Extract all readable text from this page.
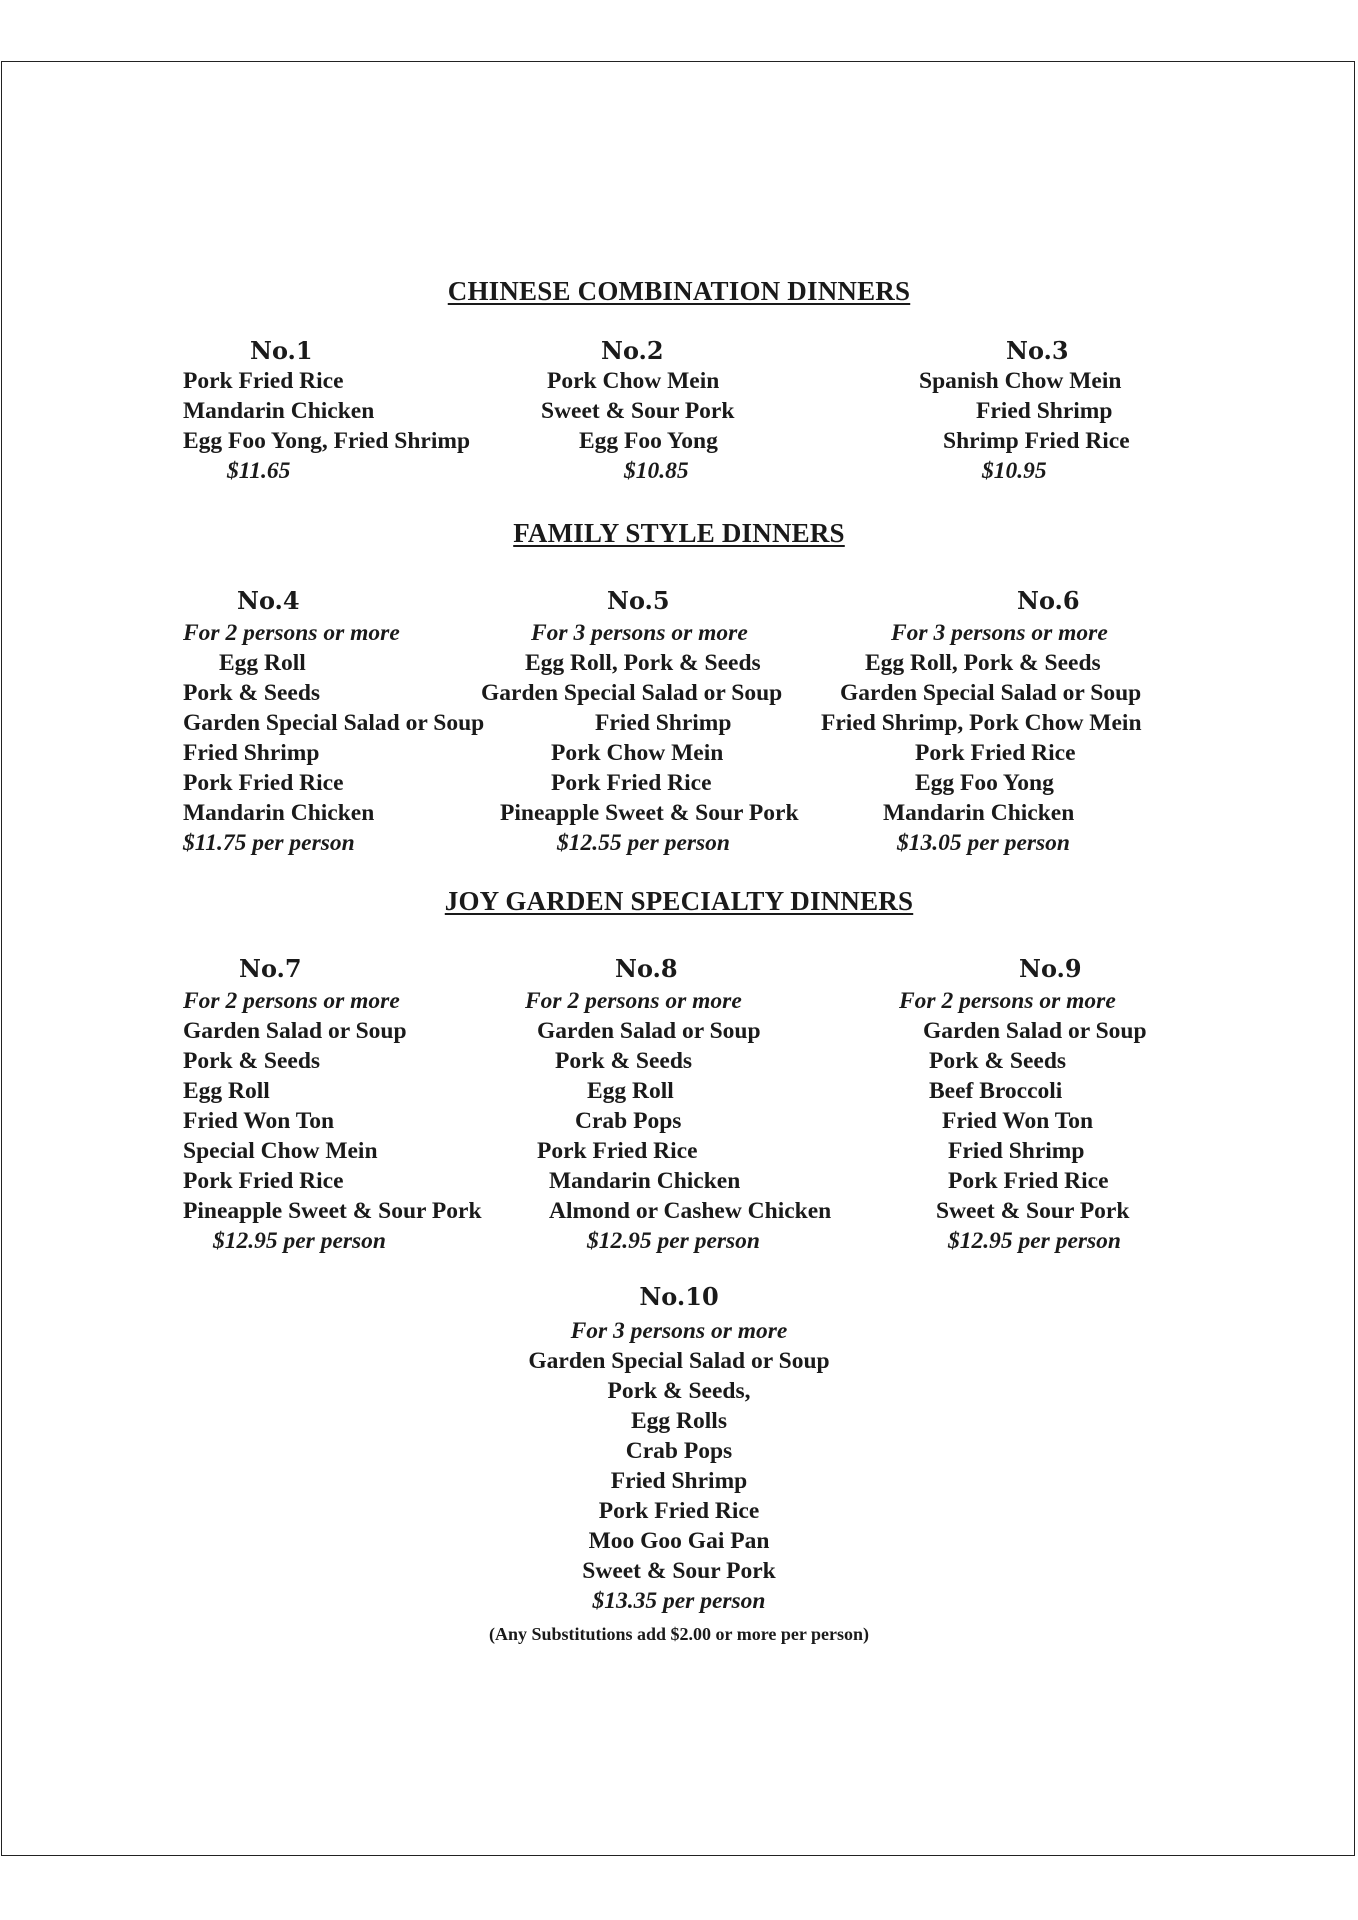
CHINESE COMBINATION DINNERS
FAMILY STYLE DINNERS
JOY GARDEN SPECIALTY DINNERS
No.1
Pork Fried Rice
Mandarin Chicken
Egg Foo Yong, Fried Shrimp
$11.65
No.2
Pork Chow Mein
Sweet & Sour Pork
Egg Foo Yong
$10.85
No.3
Spanish Chow Mein
Fried Shrimp
Shrimp Fried Rice
$10.95
No.4
For 2 persons or more
Egg Roll
Pork & Seeds
Garden Special Salad or Soup
Fried Shrimp
Pork Fried Rice
Mandarin Chicken
$11.75 per person
No.5
For 3 persons or more
Egg Roll, Pork & Seeds
Garden Special Salad or Soup
Fried Shrimp
Pork Chow Mein
Pork Fried Rice
Pineapple Sweet & Sour Pork
$12.55 per person
No.6
For 3 persons or more
Egg Roll, Pork & Seeds
Garden Special Salad or Soup
Fried Shrimp, Pork Chow Mein
Pork Fried Rice
Egg Foo Yong
Mandarin Chicken
$13.05 per person
No.7
For 2 persons or more
Garden Salad or Soup
Pork & Seeds
Egg Roll
Fried Won Ton
Special Chow Mein
Pork Fried Rice
Pineapple Sweet & Sour Pork
$12.95 per person
No.8
For 2 persons or more
Garden Salad or Soup
Pork & Seeds
Egg Roll
Crab Pops
Pork Fried Rice
Mandarin Chicken
Almond or Cashew Chicken
$12.95 per person
No.9
For 2 persons or more
Garden Salad or Soup
Pork & Seeds
Beef Broccoli
Fried Won Ton
Fried Shrimp
Pork Fried Rice
Sweet & Sour Pork
$12.95 per person
No.10
For 3 persons or more
Garden Special Salad or Soup
Pork & Seeds,
Egg Rolls
Crab Pops
Fried Shrimp
Pork Fried Rice
Moo Goo Gai Pan
Sweet & Sour Pork
$13.35 per person
(Any Substitutions add $2.00 or more per person)
